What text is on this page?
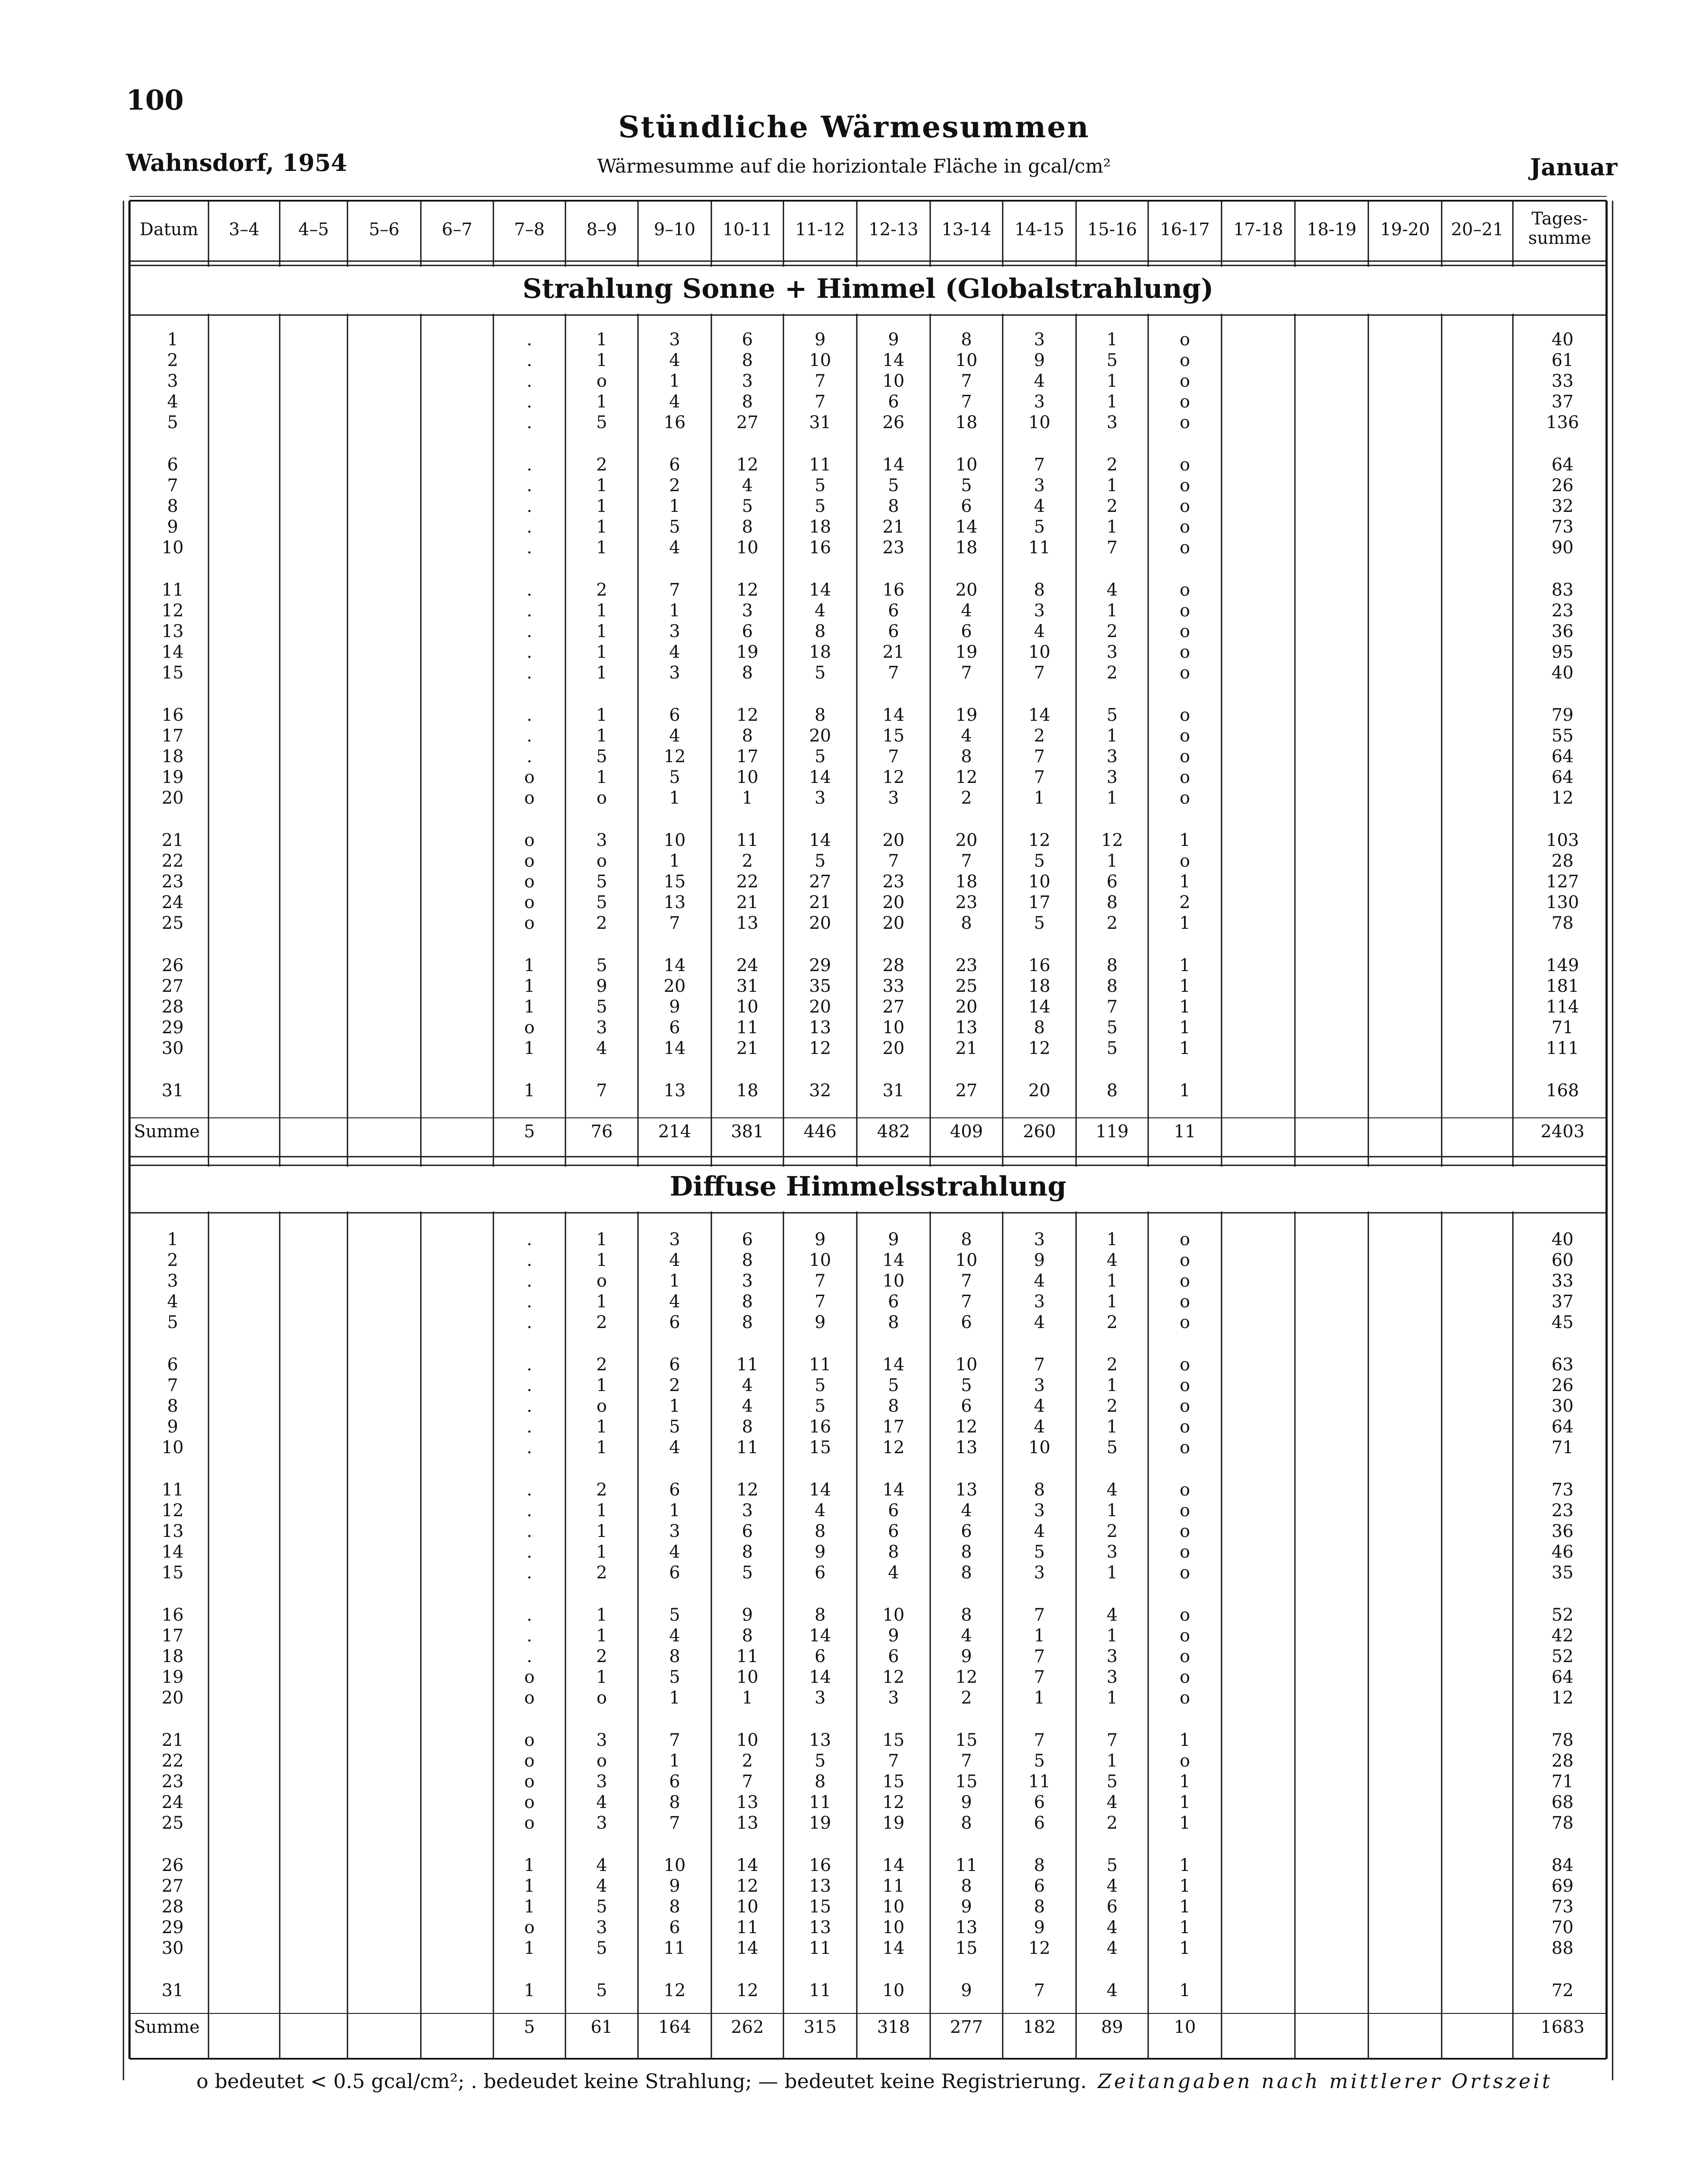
100
Wahnsdorf, 1954
Stündliche Wärmesummen
Wärmesumme auf die horiziontale Fläche in gcal/cm²	Januar
Datum 3–4 4–5 5–6 6–7 7–8 8–9 9–10 10-11 11-12 12-13 13-14 14-15 15-16 16-17 17-18 18-19 19-20 20–21
Tages-
summe
Strahlung Sonne + Himmel (Globalstrahlung)
1	.	1	3	6	9	9	8	3	1	o	40
2	.	1	4	8	10	14	10	9	5	o	61
3	.	o	1	3	7	10	7	4	1	o	33
4	.	1	4	8	7	6	7	3	1	o	37
5	.	5	16	27	31	26	18	10	3	o	136
6	.	2	6	12	11	14	10	7	2	o	64
7	.	1	2	4	5	5	5	3	1	o	26
8	.	1	1	5	5	8	6	4	2	o	32
9	.	1	5	8	18	21	14	5	1	o	73
10	.	1	4	10	16	23	18	11	7	o	90
11	.	2	7	12	14	16	20	8	4	o	83
12	.	1	1	3	4	6	4	3	1	o	23
13	.	1	3	6	8	6	6	4	2	o	36
14	.	1	4	19	18	21	19	10	3	o	95
15	.	1	3	8	5	7	7	7	2	o	40
16	.	1	6	12	8	14	19	14	5	o	79
17	.	1	4	8	20	15	4	2	1	o	55
18	.	5	12	17	5	7	8	7	3	o	64
19	o	1	5	10	14	12	12	7	3	o	64
20	o	o	1	1	3	3	2	1	1	o	12
21	o	3	10	11	14	20	20	12	12	1	103
22	o	o	1	2	5	7	7	5	1	o	28
23	o	5	15	22	27	23	18	10	6	1	127
24	o	5	13	21	21	20	23	17	8	2	130
25	o	2	7	13	20	20	8	5	2	1	78
26	1	5	14	24	29	28	23	16	8	1	149
27	1	9	20	31	35	33	25	18	8	1	181
28	1	5	9	10	20	27	20	14	7	1	114
29	o	3	6	11	13	10	13	8	5	1	71
30	1	4	14	21	12	20	21	12	5	1	111
31	1	7	13	18	32	31	27	20	8	1	168
Summe	5	76	214 381 446 482 409 260 119	11	2403
Diffuse Himmelsstrahlung
1	.	1	3	6	9	9	8	3	1	o	40
2	.	1	4	8	10	14	10	9	4	o	60
3	.	o	1	3	7	10	7	4	1	o	33
4	.	1	4	8	7	6	7	3	1	o	37
5	.	2	6	8	9	8	6	4	2	o	45
6	.	2	6	11	11	14	10	7	2	o	63
7	.	1	2	4	5	5	5	3	1	o	26
8	.	o	1	4	5	8	6	4	2	o	30
9	.	1	5	8	16	17	12	4	1	o	64
10	.	1	4	11	15	12	13	10	5	o	71
11	.	2	6	12	14	14	13	8	4	o	73
12	.	1	1	3	4	6	4	3	1	o	23
13	.	1	3	6	8	6	6	4	2	o	36
14	.	1	4	8	9	8	8	5	3	o	46
15	.	2	6	5	6	4	8	3	1	o	35
16	.	1	5	9	8	10	8	7	4	o	52
17	.	1	4	8	14	9	4	1	1	o	42
18	.	2	8	11	6	6	9	7	3	o	52
19	o	1	5	10	14	12	12	7	3	o	64
20	o	o	1	1	3	3	2	1	1	o	12
21	o	3	7	10	13	15	15	7	7	1	78
22	o	o	1	2	5	7	7	5	1	o	28
23	o	3	6	7	8	15	15	11	5	1	71
24	o	4	8	13	11	12	9	6	4	1	68
25	o	3	7	13	19	19	8	6	2	1	78
26	1	4	10	14	16	14	11	8	5	1	84
27	1	4	9	12	13	11	8	6	4	1	69
28	1	5	8	10	15	10	9	8	6	1	73
29	o	3	6	11	13	10	13	9	4	1	70
30	1	5	11	14	11	14	15	12	4	1	88
31	1	5	12	12	11	10	9	7	4	1	72
Summe	5	61	164 262 315 318 277 182	89	10	1683
o bedeutet < 0.5 gcal/cm²; . bedeudet keine Strahlung; — bedeutet keine Registrierung. Zeitangaben nach mittlerer Ortszeit
